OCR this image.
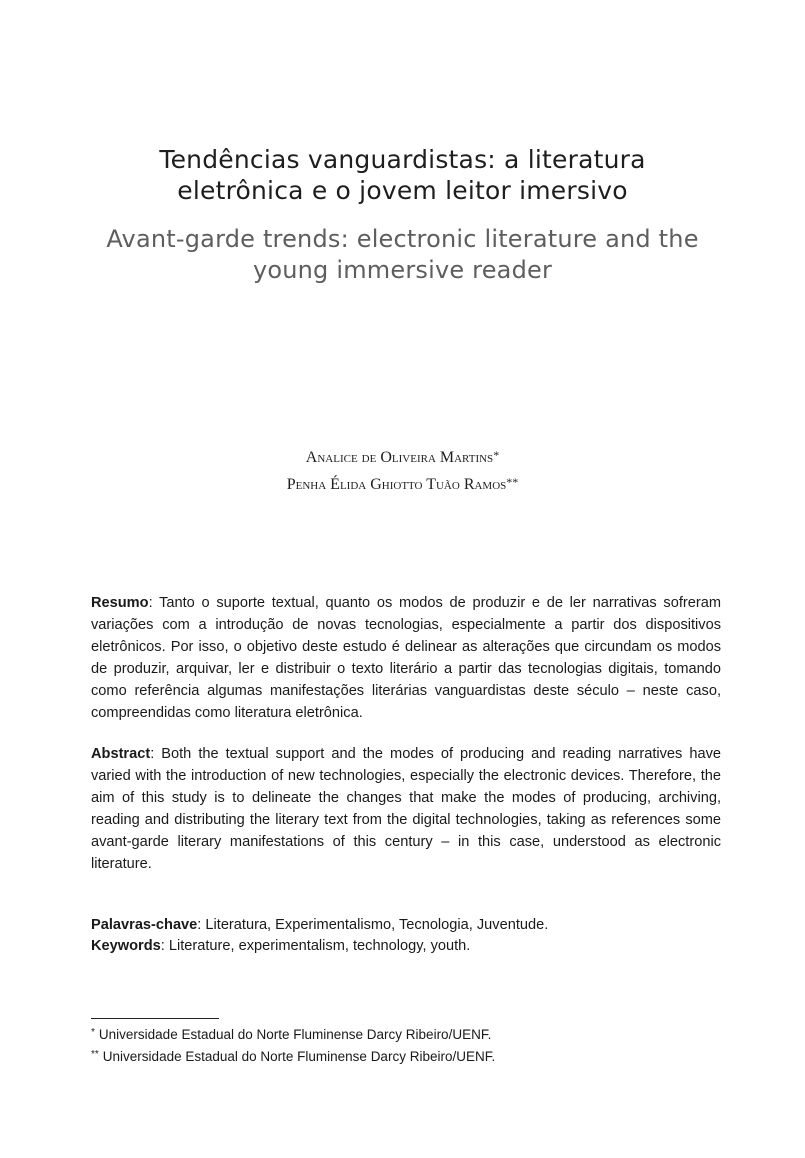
Tendências vanguardistas: a literatura
eletrônica e o jovem leitor imersivo
Avant-garde trends: electronic literature and the
young immersive reader
Analice de Oliveira Martins*
Penha Élida Ghiotto Tuão Ramos**
Resumo: Tanto o suporte textual, quanto os modos de produzir e de ler narrativas sofreram variações com a introdução de novas tecnologias, especialmente a partir dos dispositivos eletrônicos. Por isso, o objetivo deste estudo é delinear as alterações que circundam os modos de produzir, arquivar, ler e distribuir o texto literário a partir das tecnologias digitais, tomando como referência algumas manifestações literárias vanguardistas deste século – neste caso, compreendidas como literatura eletrônica.
Abstract: Both the textual support and the modes of producing and reading narratives have varied with the introduction of new technologies, especially the electronic devices. Therefore, the aim of this study is to delineate the changes that make the modes of producing, archiving, reading and distributing the literary text from the digital technologies, taking as references some avant-garde literary manifestations of this century – in this case, understood as electronic literature.
Palavras-chave: Literatura, Experimentalismo, Tecnologia, Juventude.
Keywords: Literature, experimentalism, technology, youth.
* Universidade Estadual do Norte Fluminense Darcy Ribeiro/UENF.
** Universidade Estadual do Norte Fluminense Darcy Ribeiro/UENF.
